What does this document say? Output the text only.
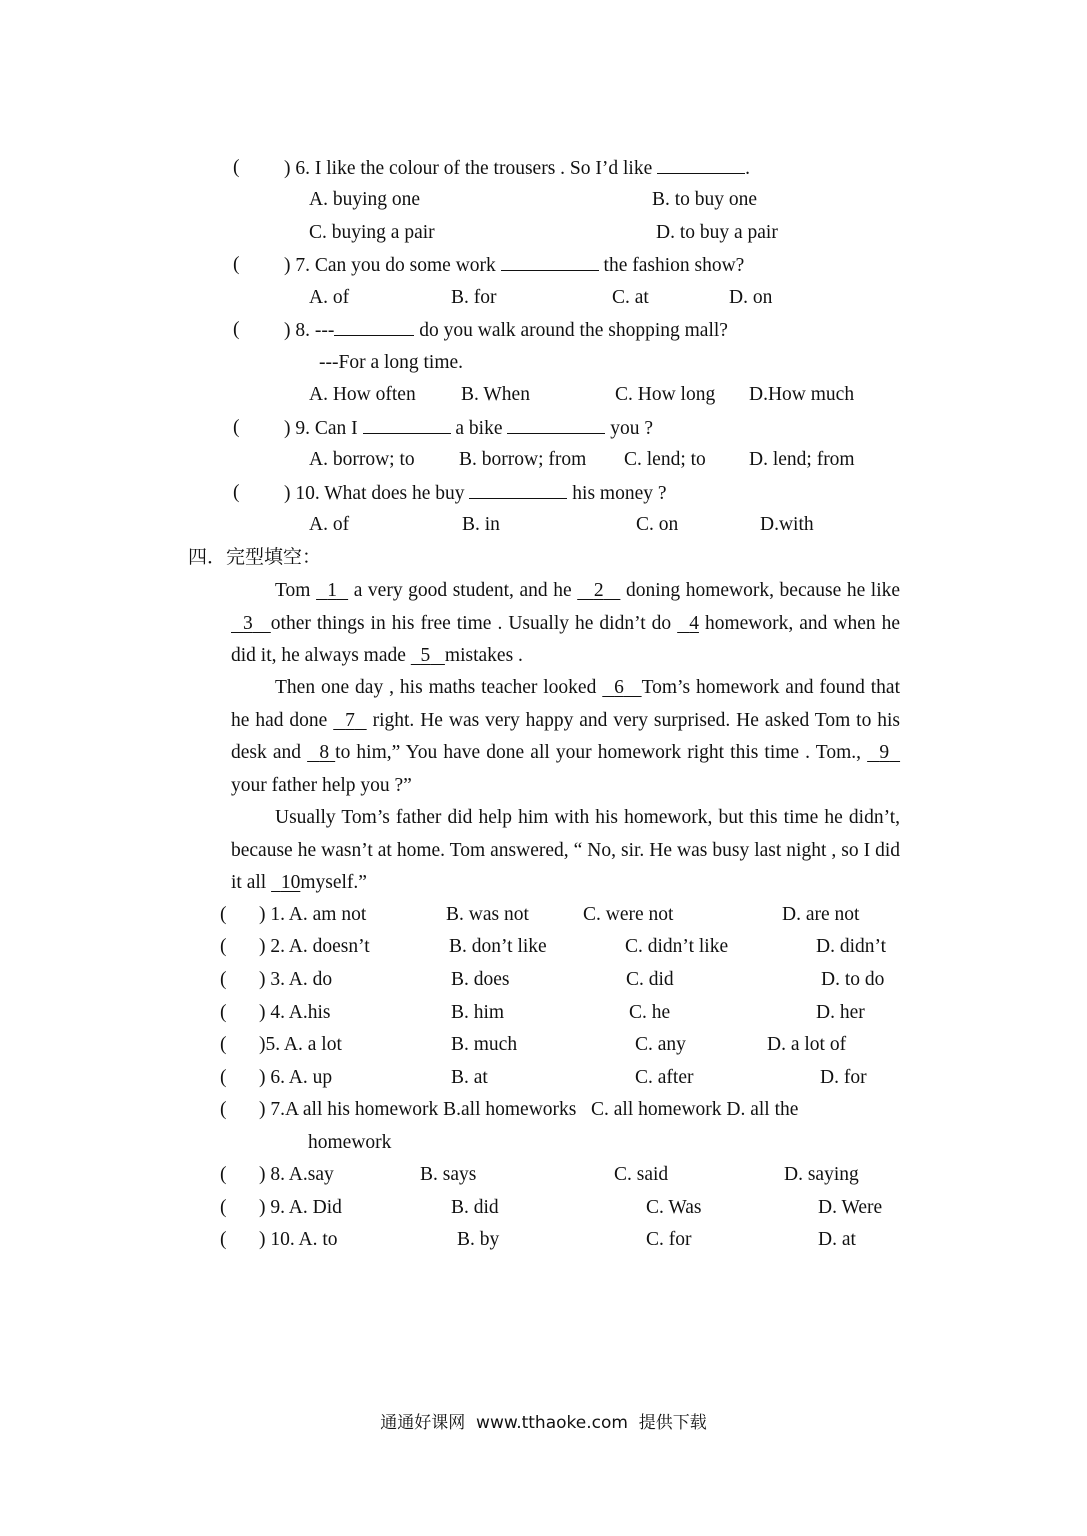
( ) 6. I like the colour of the trousers . So I’d like	.
A. buying one	B. to buy one
C. buying a pair	D. to buy a pair
( ) 7. Can you do some work	the fashion show?
A. of	B. for	C. at	D. on
( ) 8. ---	do you walk around the shopping mall?
---For a long time.
A. How often B. When	C. How long D.How much
( ) 9. Can I	a bike	you ?
A. borrow; to B. borrow; from C. lend; to D. lend; from
( ) 10. What does he buy	his money ?
A. of	B. in	C. on	D.with
四．完型填空：
Tom 1 a very good student, and he 2 doning homework, because he like   3 other things in his free time . Usually he didn’t do 4 homework, and when he did it, he always made 5 mistakes .
Then one day , his maths teacher looked 6 Tom’s homework and found that he had done 7 right. He was very happy and very surprised. He asked Tom to his desk and 8 to him,” You have done all your homework right this time . Tom., 9   your father help you ?”
Usually Tom’s father did help him with his homework, but this time he didn’t, because he wasn’t at home. Tom answered, “ No, sir. He was busy last night , so I did it all 10myself.”
( ) 1. A. am not	B. was not	C. were not	D. are not
( ) 2. A. doesn’t	B. don’t like	C. didn’t like	D. didn’t
( ) 3. A. do	B. does	C. did	D. to do
( ) 4. A.his	B. him	C. he	D. her
( )5. A. a lot	B. much	C. any	D. a lot of
( ) 6. A. up	B. at	C. after	D. for
( ) 7.A all his homework B.all homeworks   C. all homework D. all the
homework
( ) 8. A.say	B. says	C. said	D. saying
( ) 9. A. Did	B. did	C. Was	D. Were
( ) 10. A. to	B. by	C. for	D. at
通通好课网  www.tthaoke.com  提供下载
